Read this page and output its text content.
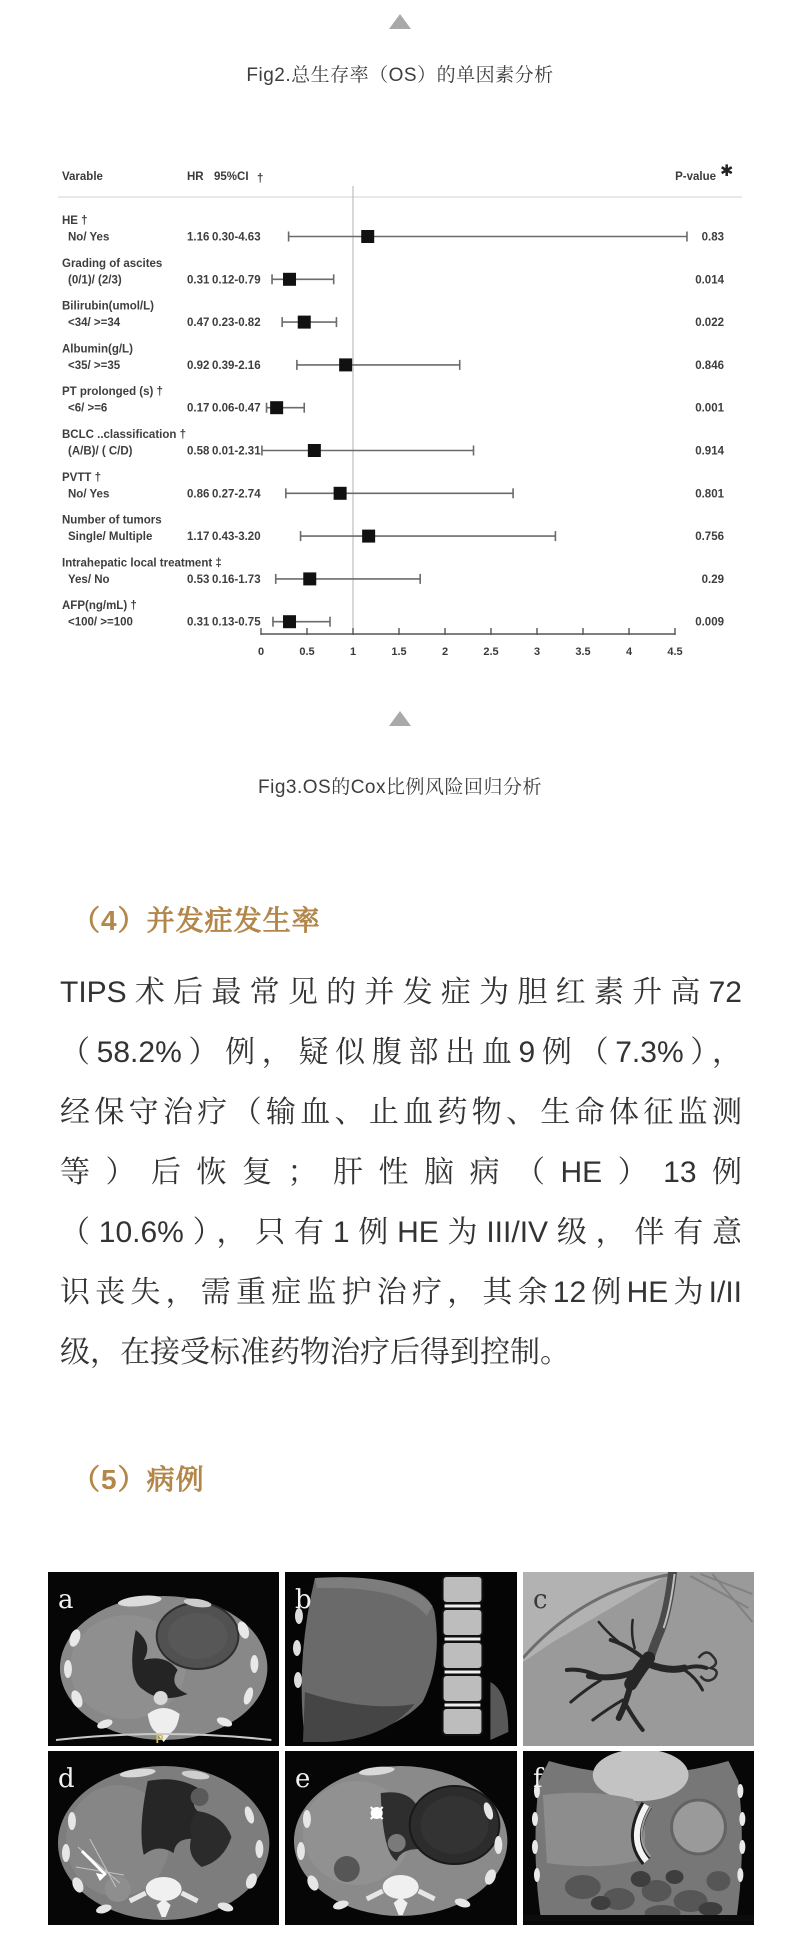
Fig2.总生存率（OS）的单因素分析
Varable	HR 95%CI †	P-value ✱
HE †
No/ Yes	1.16 0.30-4.63	0.83
Grading of ascites
(0/1)/ (2/3)	0.31 0.12-0.79	0.014
Bilirubin(umol/L)
<34/ >=34	0.47 0.23-0.82	0.022
Albumin(g/L)
<35/ >=35	0.92 0.39-2.16	0.846
PT prolonged (s) †
<6/ >=6	0.17 0.06-0.47	0.001
BCLC ..classification †
(A/B)/ ( C/D)	0.58 0.01-2.31	0.914
PVTT †
No/ Yes	0.86 0.27-2.74	0.801
Number of tumors
Single/ Multiple	1.17 0.43-3.20	0.756
Intrahepatic local treatment ‡
Yes/ No	0.53 0.16-1.73	0.29
AFP(ng/mL) †
<100/ >=100	0.31 0.13-0.75	0.009
0	0.5	1	1.5	2	2.5	3	3.5	4	4.5
Fig3.OS的Cox比例风险回归分析
（4）并发症发生率
TIPS术后最常见的并发症为胆红素升高72
（58.2%）例，疑似腹部出血9例（7.3%），
经保守治疗（输血、止血药物、生命体征监测
等）后恢复；肝性脑病（HE）13例
（10.6%），只有1例HE为III/IV级，伴有意
识丧失，需重症监护治疗，其余12例HE为I/II
级，在接受标准药物治疗后得到控制。
（5）病例
a
P
b	c
d	e	f
